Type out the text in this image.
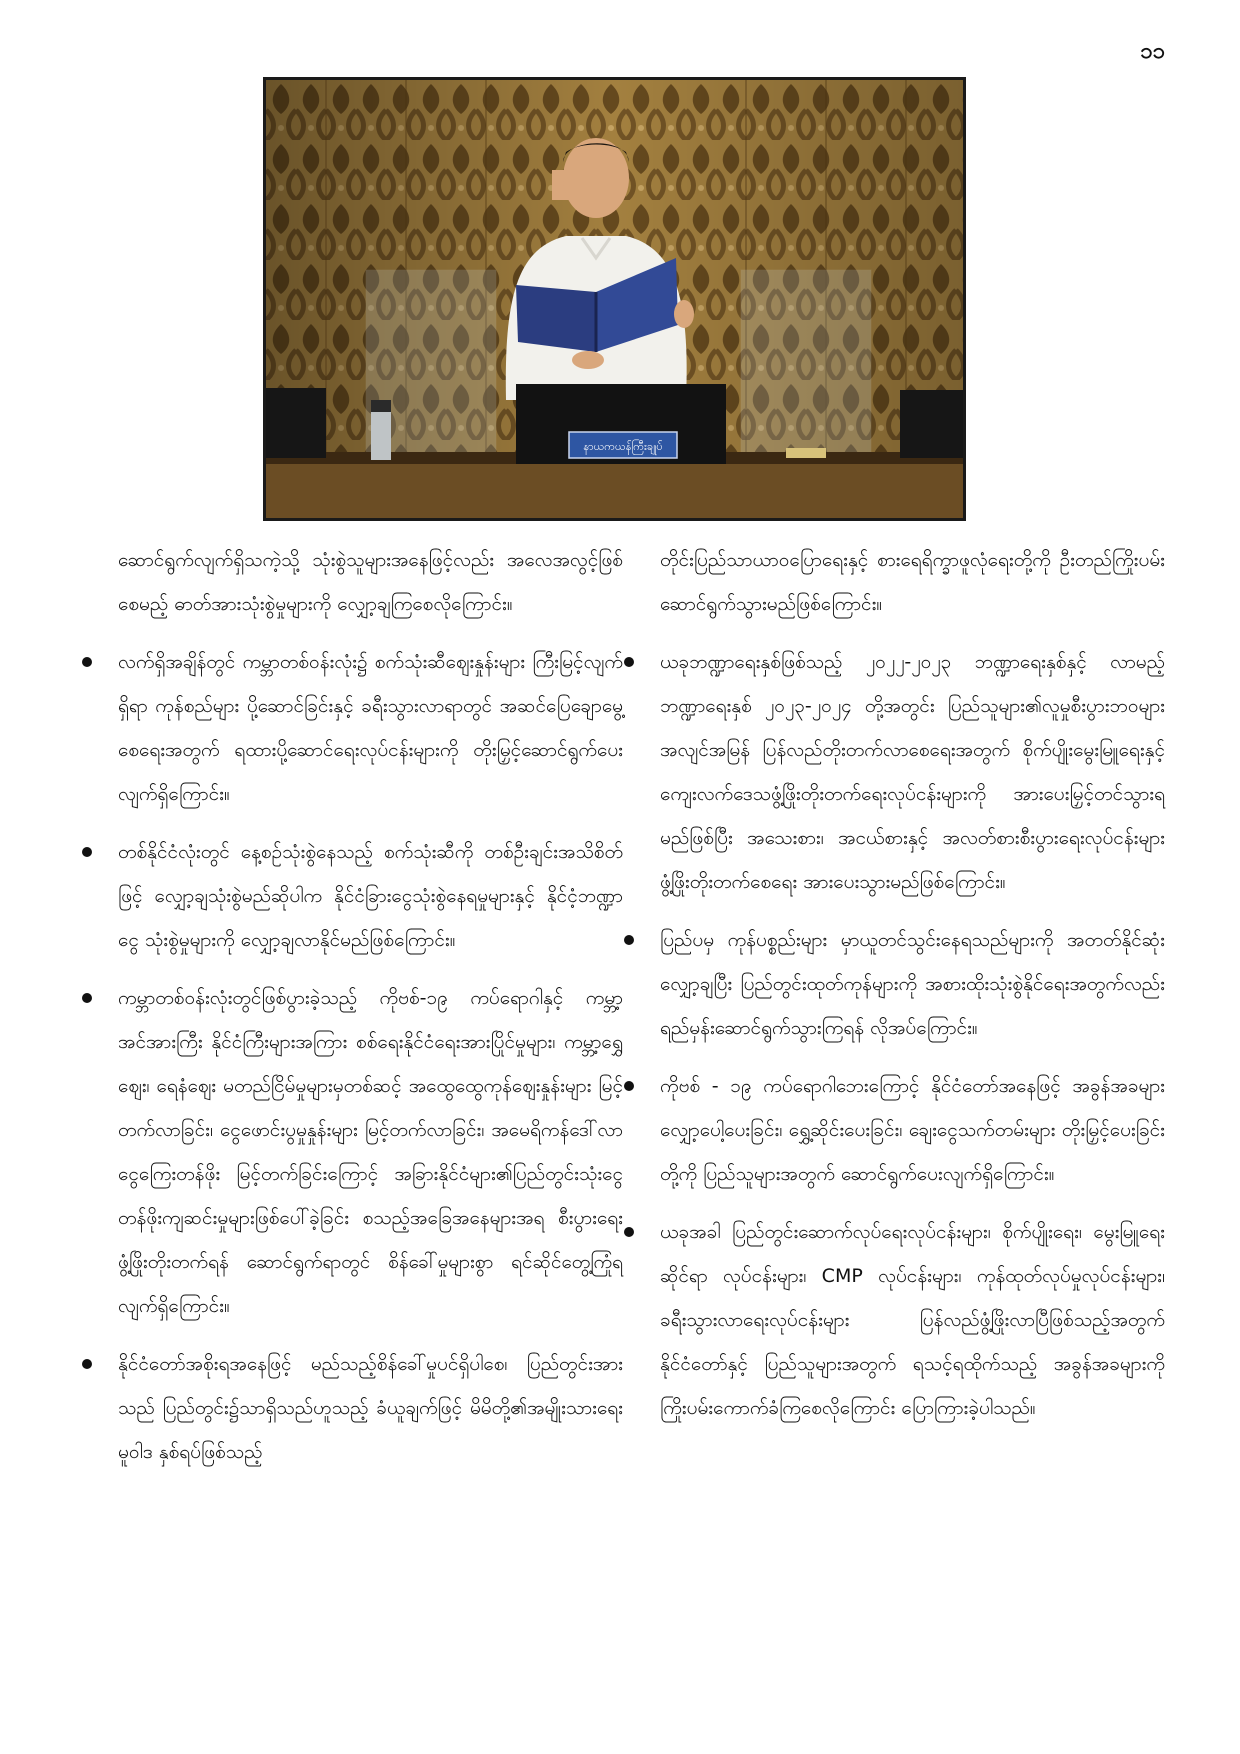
၁၁
နာယကယန်ကြီးချုပ်

ဆောင်ရွက်လျက်ရှိသကဲ့သို့ သုံးစွဲသူများအနေဖြင့်လည်း အလေအလွင့်ဖြစ်စေမည့် ဓာတ်အားသုံးစွဲမှုများကို လျှော့ချကြစေလိုကြောင်း။

လက်ရှိအချိန်တွင် ကမ္ဘာတစ်ဝန်းလုံး၌ စက်သုံးဆီဈေးနှုန်းများ ကြီးမြင့်လျက်ရှိရာ ကုန်စည်များ ပို့ဆောင်ခြင်းနှင့် ခရီးသွားလာရာတွင် အဆင်ပြေချောမွေ့စေရေးအတွက် ရထားပို့ဆောင်ရေးလုပ်ငန်းများကို တိုးမြှင့်ဆောင်ရွက်ပေးလျက်ရှိကြောင်း။

တစ်နိုင်ငံလုံးတွင် နေ့စဉ်သုံးစွဲနေသည့် စက်သုံးဆီကို တစ်ဦးချင်းအသိစိတ်ဖြင့် လျှော့ချသုံးစွဲမည်ဆိုပါက နိုင်ငံခြားငွေသုံးစွဲနေရမှုများနှင့် နိုင်ငံ့ဘဏ္ဍာငွေ သုံးစွဲမှုများကို လျှော့ချလာနိုင်မည်ဖြစ်ကြောင်း။

ကမ္ဘာတစ်ဝန်းလုံးတွင်ဖြစ်ပွားခဲ့သည့် ကိုဗစ်-၁၉ ကပ်ရောဂါနှင့် ကမ္ဘာ့အင်အားကြီး နိုင်ငံကြီးများအကြား စစ်ရေးနိုင်ငံရေးအားပြိုင်မှုများ၊ ကမ္ဘာ့ရွှေဈေး၊ ရေနံဈေး မတည်ငြိမ်မှုများမှတစ်ဆင့် အထွေထွေကုန်ဈေးနှုန်းများ မြင့်တက်လာခြင်း၊ ငွေဖောင်းပွမှုနှုန်းများ မြင့်တက်လာခြင်း၊ အမေရိကန်ဒေါ်လာငွေကြေးတန်ဖိုး မြင့်တက်ခြင်းကြောင့် အခြားနိုင်ငံများ၏ပြည်တွင်းသုံးငွေ တန်ဖိုးကျဆင်းမှုများဖြစ်ပေါ်ခဲ့ခြင်း စသည့်အခြေအနေများအရ စီးပွားရေးဖွံ့ဖြိုးတိုးတက်ရန် ဆောင်ရွက်ရာတွင် စိန်ခေါ်မှုများစွာ ရင်ဆိုင်တွေ့ကြုံရလျက်ရှိကြောင်း။

နိုင်ငံတော်အစိုးရအနေဖြင့် မည်သည့်စိန်ခေါ်မှုပင်ရှိပါစေ၊ ပြည်တွင်းအားသည် ပြည်တွင်း၌သာရှိသည်ဟူသည့် ခံယူချက်ဖြင့် မိမိတို့၏အမျိုးသားရေးမူဝါဒ နှစ်ရပ်ဖြစ်သည့်

တိုင်းပြည်သာယာဝပြောရေးနှင့် စားရေရိက္ခာဖူလုံရေးတို့ကို ဦးတည်ကြိုးပမ်းဆောင်ရွက်သွားမည်ဖြစ်ကြောင်း။

ယခုဘဏ္ဍာရေးနှစ်ဖြစ်သည့် ၂၀၂၂-၂၀၂၃ ဘဏ္ဍာရေးနှစ်နှင့် လာမည့်ဘဏ္ဍာရေးနှစ် ၂၀၂၃-၂၀၂၄ တို့အတွင်း ပြည်သူများ၏လူမှုစီးပွားဘဝများ အလျင်အမြန် ပြန်လည်တိုးတက်လာစေရေးအတွက် စိုက်ပျိုးမွေးမြူရေးနှင့် ကျေးလက်ဒေသဖွံ့ဖြိုးတိုးတက်ရေးလုပ်ငန်းများကို အားပေးမြှင့်တင်သွားရမည်ဖြစ်ပြီး အသေးစား၊ အငယ်စားနှင့် အလတ်စားစီးပွားရေးလုပ်ငန်းများ ဖွံ့ဖြိုးတိုးတက်စေရေး အားပေးသွားမည်ဖြစ်ကြောင်း။

ပြည်ပမှ ကုန်ပစ္စည်းများ မှာယူတင်သွင်းနေရသည်များကို အတတ်နိုင်ဆုံး လျှော့ချပြီး ပြည်တွင်းထုတ်ကုန်များကို အစားထိုးသုံးစွဲနိုင်ရေးအတွက်လည်း ရည်မှန်းဆောင်ရွက်သွားကြရန် လိုအပ်ကြောင်း။

ကိုဗစ် - ၁၉ ကပ်ရောဂါဘေးကြောင့် နိုင်ငံတော်အနေဖြင့် အခွန်အခများ လျှော့ပေါ့ပေးခြင်း၊ ရွှေ့ဆိုင်းပေးခြင်း၊ ချေးငွေသက်တမ်းများ တိုးမြှင့်ပေးခြင်းတို့ကို ပြည်သူများအတွက် ဆောင်ရွက်ပေးလျက်ရှိကြောင်း။

ယခုအခါ ပြည်တွင်းဆောက်လုပ်ရေးလုပ်ငန်းများ၊ စိုက်ပျိုးရေး၊ မွေးမြူရေးဆိုင်ရာ လုပ်ငန်းများ၊ CMP လုပ်ငန်းများ၊ ကုန်ထုတ်လုပ်မှုလုပ်ငန်းများ၊ ခရီးသွားလာရေးလုပ်ငန်းများ ပြန်လည်ဖွံ့ဖြိုးလာပြီဖြစ်သည့်အတွက် နိုင်ငံတော်နှင့် ပြည်သူများအတွက် ရသင့်ရထိုက်သည့် အခွန်အခများကို ကြိုးပမ်းကောက်ခံကြစေလိုကြောင်း ပြောကြားခဲ့ပါသည်။
